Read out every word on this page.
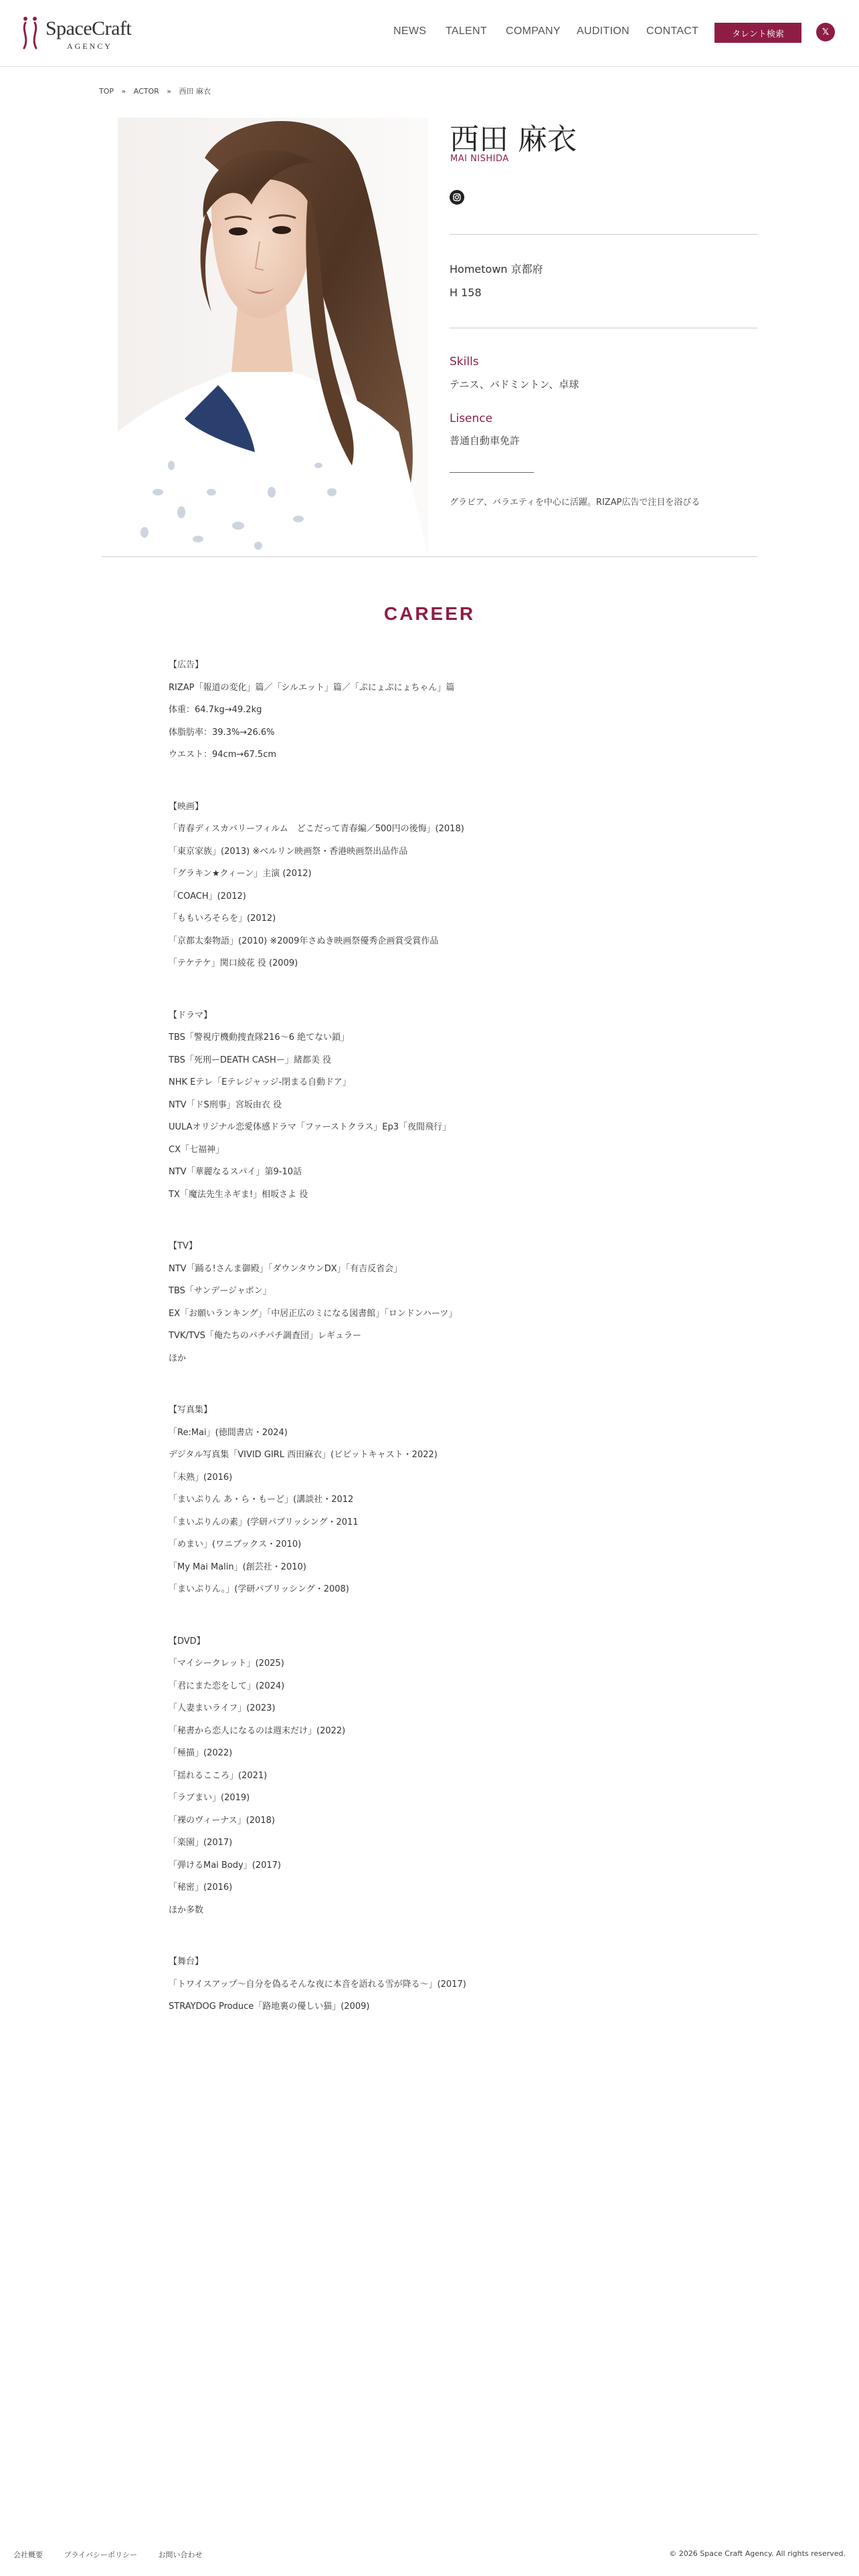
SpaceCraft
AGENCY
NEWS TALENT COMPANY AUDITION CONTACT	タレント検索	𝕏
TOP » ACTOR » 西田 麻衣
西田 麻衣
MAI NISHIDA
Hometown 京都府
H 158
Skills
テニス、バドミントン、卓球
Lisence
普通自動車免許
グラビア、バラエティを中心に活躍。RIZAP広告で注目を浴びる
CAREER
【広告】
RIZAP「報道の変化」篇／「シルエット」篇／「ぷにょぷにょちゃん」篇
体重：64.7kg→49.2kg
体脂肪率：39.3%→26.6%
ウエスト：94cm→67.5cm
【映画】
「青春ディスカバリーフィルム　どこだって青春編／500円の後悔」(2018)
「東京家族」(2013) ※ベルリン映画祭・香港映画祭出品作品
「グラキン★クィーン」主演 (2012)
「COACH」(2012)
「ももいろそらを」(2012)
「京都太秦物語」(2010) ※2009年さぬき映画祭優秀企画賞受賞作品
「テケテケ」関口綾花 役 (2009)
【ドラマ】
TBS「警視庁機動捜査隊216～6 絶てない鎖」
TBS「死刑ーDEATH CASHー」緒都美 役
NHK Eテレ「Eテレジャッジ-閉まる自動ドア」
NTV「ドS刑事」宮坂由衣 役
UULAオリジナル恋愛体感ドラマ「ファーストクラス」Ep3「夜間飛行」
CX「七福神」
NTV「華麗なるスパイ」第9-10話
TX「魔法先生ネギま!」相坂さよ 役
【TV】
NTV「踊る!さんま御殿」「ダウンタウンDX」「有吉反省会」
TBS「サンデージャポン」
EX「お願いランキング」「中居正広のミになる図書館」「ロンドンハーツ」
TVK/TVS「俺たちのパチパチ調査団」レギュラー
ほか
【写真集】
「Re:Mai」(徳間書店・2024)
デジタル写真集「VIVID GIRL 西田麻衣」(ビビットキャスト・2022)
「未熟」(2016)
「まいぷりん あ・ら・もーど」(講談社・2012
「まいぷりんの素」(学研パブリッシング・2011
「めまい」(ワニブックス・2010)
「My Mai Malin」(創芸社・2010)
「まいぷりん。」(学研パブリッシング・2008)
【DVD】
「マイシークレット」(2025)
「君にまた恋をして」(2024)
「人妻まいライフ」(2023)
「秘書から恋人になるのは週末だけ」(2022)
「極描」(2022)
「揺れるこころ」(2021)
「ラブまい」(2019)
「裸のヴィーナス」(2018)
「楽園」(2017)
「弾けるMai Body」(2017)
「秘密」(2016)
ほか多数
【舞台】
「トワイスアップ〜自分を偽るそんな夜に本音を語れる雪が降る〜」(2017)
STRAYDOG Produce「路地裏の優しい猫」(2009)
会社概要	プライバシーポリシー	お問い合わせ	© 2026 Space Craft Agency. All rights reserved.
